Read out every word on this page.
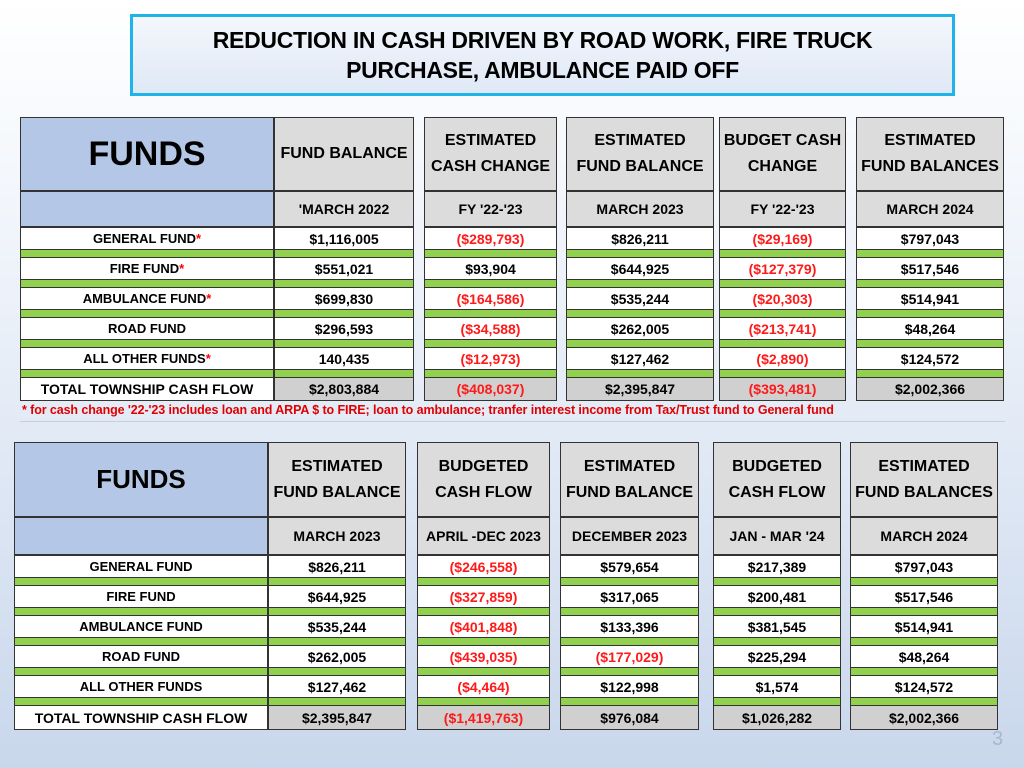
REDUCTION IN CASH DRIVEN BY ROAD WORK, FIRE TRUCK
PURCHASE, AMBULANCE PAID OFF
FUNDS
GENERAL FUND *
FIRE FUND *
AMBULANCE FUND *
ROAD FUND
ALL OTHER FUNDS *
TOTAL TOWNSHIP CASH FLOW
FUND BALANCE
'MARCH 2022
$1,116,005
$551,021
$699,830
$296,593
140,435
$2,803,884
ESTIMATED
CASH CHANGE
FY '22-'23
($289,793)
$93,904
($164,586)
($34,588)
($12,973)
($408,037)
ESTIMATED
FUND BALANCE
MARCH 2023
$826,211
$644,925
$535,244
$262,005
$127,462
$2,395,847
BUDGET CASH
CHANGE
FY '22-'23
($29,169)
($127,379)
($20,303)
($213,741)
($2,890)
($393,481)
ESTIMATED
FUND BALANCES
MARCH 2024
$797,043
$517,546
$514,941
$48,264
$124,572
$2,002,366
* for cash change '22-'23 includes loan and ARPA $ to FIRE; loan to ambulance; tranfer interest income from Tax/Trust fund to General fund
FUNDS
GENERAL FUND
FIRE FUND
AMBULANCE FUND
ROAD FUND
ALL OTHER FUNDS
TOTAL TOWNSHIP CASH FLOW
ESTIMATED
FUND BALANCE
MARCH 2023
$826,211
$644,925
$535,244
$262,005
$127,462
$2,395,847
BUDGETED
CASH FLOW
APRIL -DEC 2023
($246,558)
($327,859)
($401,848)
($439,035)
($4,464)
($1,419,763)
ESTIMATED
FUND BALANCE
DECEMBER 2023
$579,654
$317,065
$133,396
($177,029)
$122,998
$976,084
BUDGETED
CASH FLOW
JAN - MAR '24
$217,389
$200,481
$381,545
$225,294
$1,574
$1,026,282
ESTIMATED
FUND BALANCES
MARCH 2024
$797,043
$517,546
$514,941
$48,264
$124,572
$2,002,366
3
